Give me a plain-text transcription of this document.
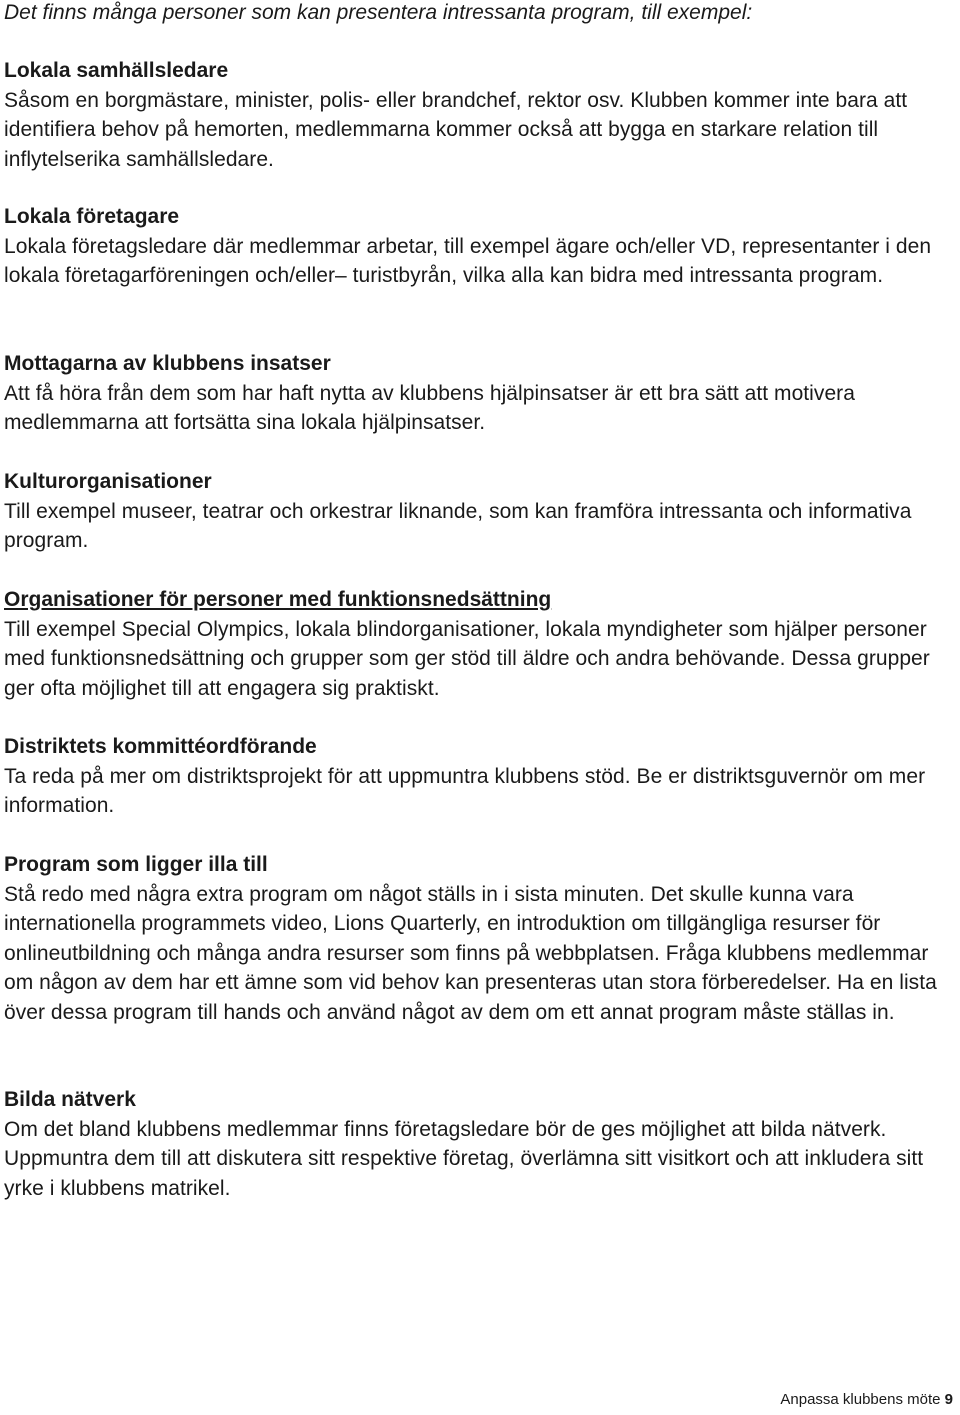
Det finns många personer som kan presentera intressanta program, till exempel:

Lokala samhällsledare

Såsom en borgmästare, minister, polis- eller brandchef, rektor osv. Klubben kommer inte bara att identifiera behov på hemorten, medlemmarna kommer också att bygga en starkare relation till inflytelserika samhällsledare.

Lokala företagare

Lokala företagsledare där medlemmar arbetar, till exempel ägare och/eller VD, representanter i den lokala företagarföreningen och/eller– turistbyrån, vilka alla kan bidra med intressanta program.

Mottagarna av klubbens insatser

Att få höra från dem som har haft nytta av klubbens hjälpinsatser är ett bra sätt att motivera medlemmarna att fortsätta sina lokala hjälpinsatser.

Kulturorganisationer

Till exempel museer, teatrar och orkestrar liknande, som kan framföra intressanta och informativa program.

Organisationer för personer med funktionsnedsättning

Till exempel Special Olympics, lokala blindorganisationer, lokala myndigheter som hjälper personer med funktionsnedsättning och grupper som ger stöd till äldre och andra behövande. Dessa grupper ger ofta möjlighet till att engagera sig praktiskt.

Distriktets kommittéordförande

Ta reda på mer om distriktsprojekt för att uppmuntra klubbens stöd. Be er distriktsguvernör om mer information.

Program som ligger illa till

Stå redo med några extra program om något ställs in i sista minuten. Det skulle kunna vara internationella programmets video, Lions Quarterly, en introduktion om tillgängliga resurser för onlineutbildning och många andra resurser som finns på webbplatsen. Fråga klubbens medlemmar om någon av dem har ett ämne som vid behov kan presenteras utan stora förberedelser. Ha en lista över dessa program till hands och använd något av dem om ett annat program måste ställas in.

Bilda nätverk

Om det bland klubbens medlemmar finns företagsledare bör de ges möjlighet att bilda nätverk. Uppmuntra dem till att diskutera sitt respektive företag, överlämna sitt visitkort och att inkludera sitt yrke i klubbens matrikel.

Anpassa klubbens möte 9
